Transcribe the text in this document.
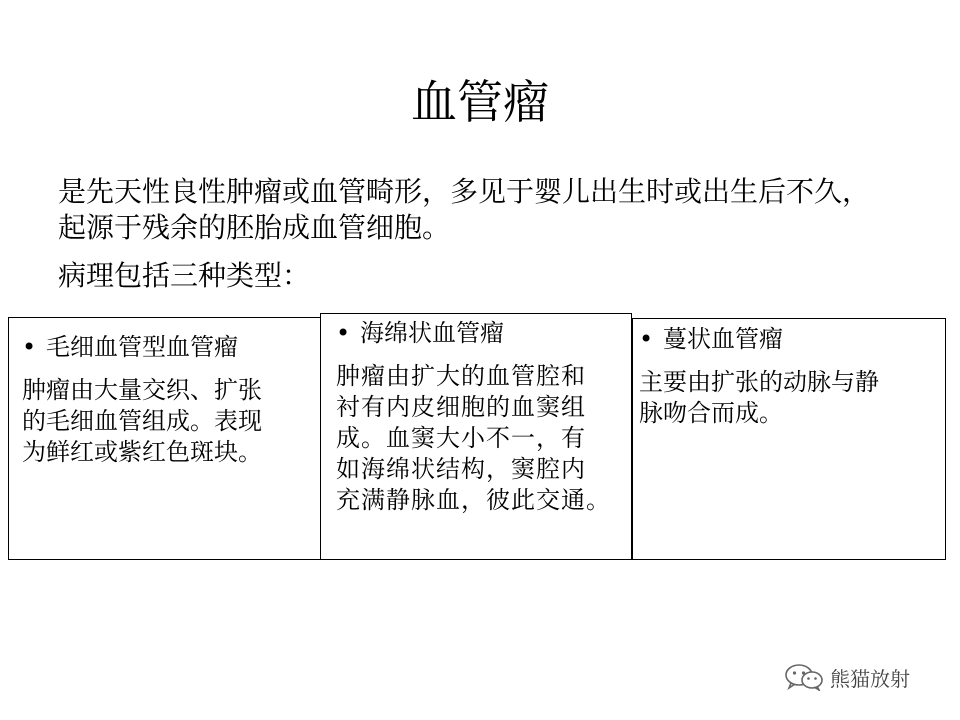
血管瘤

是先天性良性肿瘤或血管畸形，多见于婴儿出生时或出生后不久，起源于残余的胚胎成血管细胞。

病理包括三种类型：

• 毛细血管型血管瘤
肿瘤由大量交织、扩张
的毛细血管组成。表现
为鲜红或紫红色斑块。
• 海绵状血管瘤
肿瘤由扩大的血管腔和
衬有内皮细胞的血窦组
成。血窦大小不一，有
如海绵状结构，窦腔内
充满静脉血，彼此交通。
• 蔓状血管瘤
主要由扩张的动脉与静
脉吻合而成。
熊猫放射
